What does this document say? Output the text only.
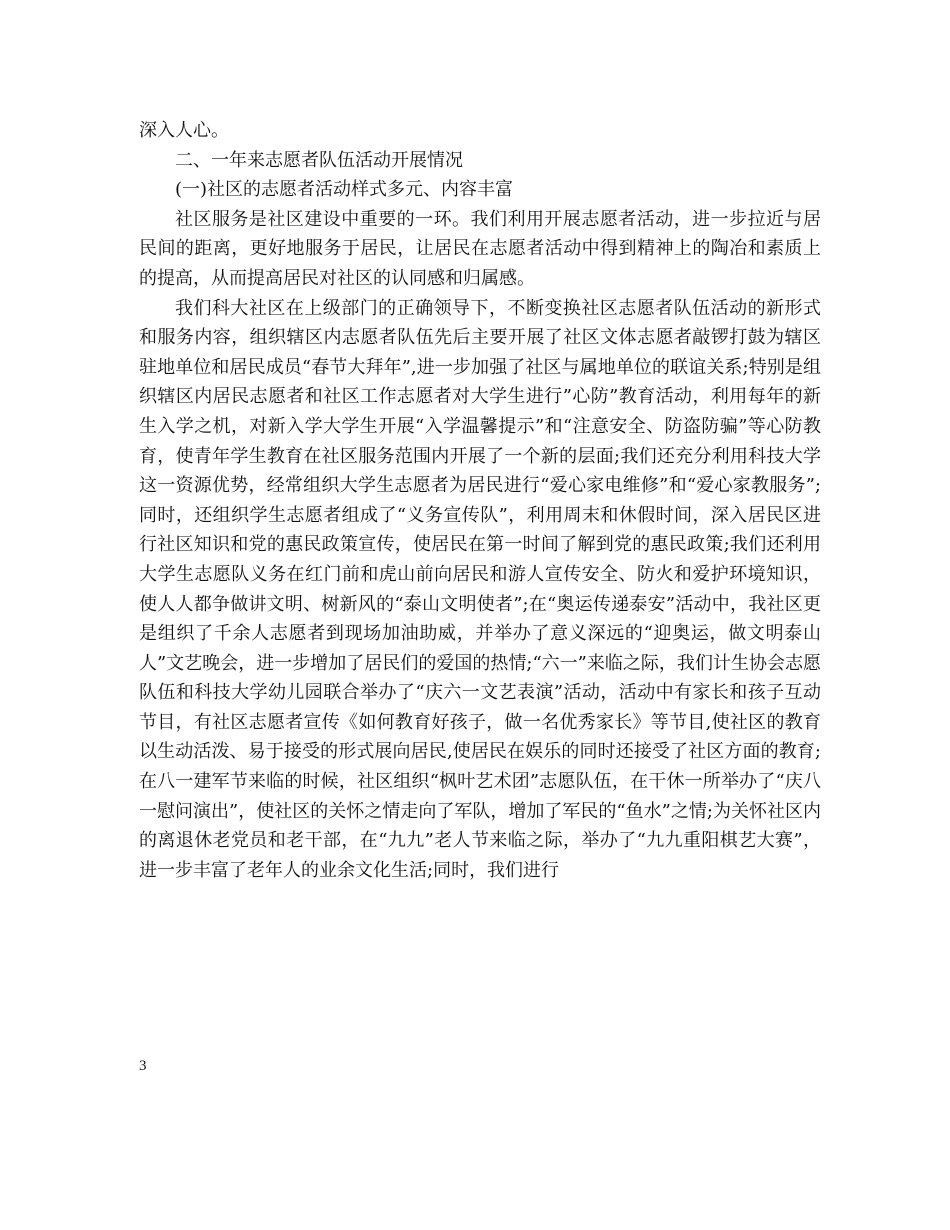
深入人心。

二、一年来志愿者队伍活动开展情况

(一)社区的志愿者活动样式多元、内容丰富

社区服务是社区建设中重要的一环。我们利用开展志愿者活动，进一步拉近与居民间的距离，更好地服务于居民，让居民在志愿者活动中得到精神上的陶冶和素质上的提高，从而提高居民对社区的认同感和归属感。

我们科大社区在上级部门的正确领导下，不断变换社区志愿者队伍活动的新形式和服务内容，组织辖区内志愿者队伍先后主要开展了社区文体志愿者敲锣打鼓为辖区驻地单位和居民成员“春节大拜年”,进一步加强了社区与属地单位的联谊关系;特别是组织辖区内居民志愿者和社区工作志愿者对大学生进行”心防”教育活动，利用每年的新生入学之机，对新入学大学生开展“入学温馨提示”和“注意安全、防盗防骗”等心防教育，使青年学生教育在社区服务范围内开展了一个新的层面;我们还充分利用科技大学这一资源优势，经常组织大学生志愿者为居民进行“爱心家电维修”和“爱心家教服务”;同时，还组织学生志愿者组成了“义务宣传队”，利用周末和休假时间，深入居民区进行社区知识和党的惠民政策宣传，使居民在第一时间了解到党的惠民政策;我们还利用大学生志愿队义务在红门前和虎山前向居民和游人宣传安全、防火和爱护环境知识，使人人都争做讲文明、树新风的“泰山文明使者”;在“奥运传递泰安”活动中，我社区更是组织了千余人志愿者到现场加油助威，并举办了意义深远的“迎奥运，做文明泰山人”文艺晚会，进一步增加了居民们的爱国的热情;“六一”来临之际，我们计生协会志愿队伍和科技大学幼儿园联合举办了“庆六一文艺表演”活动，活动中有家长和孩子互动节目，有社区志愿者宣传《如何教育好孩子，做一名优秀家长》等节目,使社区的教育以生动活泼、易于接受的形式展向居民,使居民在娱乐的同时还接受了社区方面的教育;在八一建军节来临的时候，社区组织“枫叶艺术团”志愿队伍，在干休一所举办了“庆八一慰问演出”，使社区的关怀之情走向了军队，增加了军民的“鱼水”之情;为关怀社区内的离退休老党员和老干部，在“九九”老人节来临之际，举办了“九九重阳棋艺大赛”，进一步丰富了老年人的业余文化生活;同时，我们进行

3
